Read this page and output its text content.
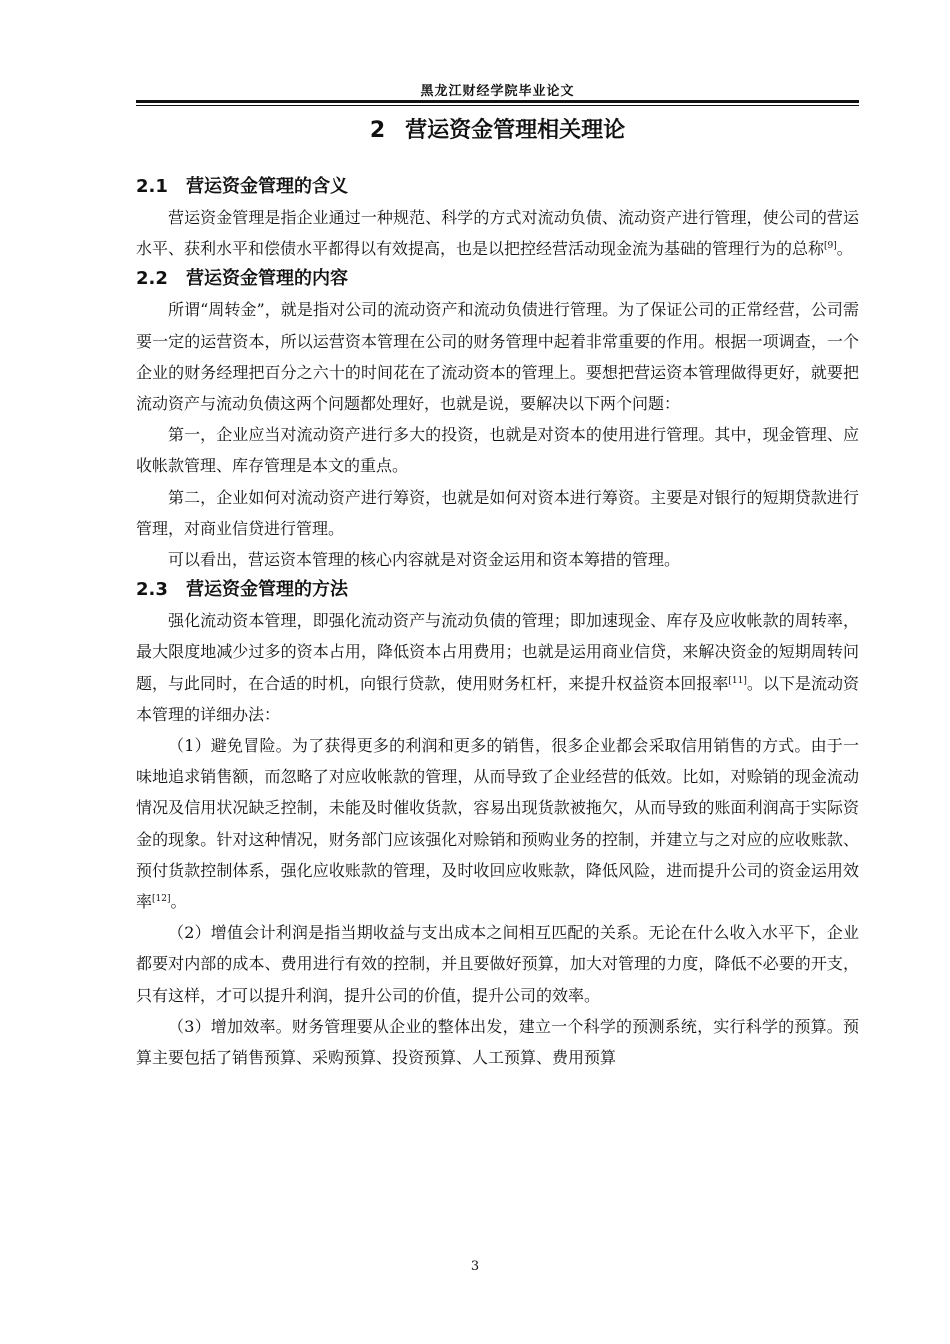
黑龙江财经学院毕业论文
2 营运资金管理相关理论
2.1 营运资金管理的含义

营运资金管理是指企业通过一种规范、科学的方式对流动负债、流动资产进行管理，使公司的营运水平、获利水平和偿债水平都得以有效提高，也是以把控经营活动现金流为基础的管理行为的总称[9]。

2.2 营运资金管理的内容

所谓“周转金”，就是指对公司的流动资产和流动负债进行管理。为了保证公司的正常经营，公司需要一定的运营资本，所以运营资本管理在公司的财务管理中起着非常重要的作用。根据一项调查，一个企业的财务经理把百分之六十的时间花在了流动资本的管理上。要想把营运资本管理做得更好，就要把流动资产与流动负债这两个问题都处理好，也就是说，要解决以下两个问题：

第一，企业应当对流动资产进行多大的投资，也就是对资本的使用进行管理。其中，现金管理、应收帐款管理、库存管理是本文的重点。

第二，企业如何对流动资产进行筹资，也就是如何对资本进行筹资。主要是对银行的短期贷款进行管理，对商业信贷进行管理。

可以看出，营运资本管理的核心内容就是对资金运用和资本筹措的管理。

2.3 营运资金管理的方法

强化流动资本管理，即强化流动资产与流动负债的管理；即加速现金、库存及应收帐款的周转率，最大限度地减少过多的资本占用，降低资本占用费用；也就是运用商业信贷，来解决资金的短期周转问题，与此同时，在合适的时机，向银行贷款，使用财务杠杆，来提升权益资本回报率[11]。以下是流动资本管理的详细办法：

（1）避免冒险。为了获得更多的利润和更多的销售，很多企业都会采取信用销售的方式。由于一味地追求销售额，而忽略了对应收帐款的管理，从而导致了企业经营的低效。比如，对赊销的现金流动情况及信用状况缺乏控制，未能及时催收货款，容易出现货款被拖欠，从而导致的账面利润高于实际资金的现象。针对这种情况，财务部门应该强化对赊销和预购业务的控制，并建立与之对应的应收账款、预付货款控制体系，强化应收账款的管理，及时收回应收账款，降低风险，进而提升公司的资金运用效率[12]。

（2）增值会计利润是指当期收益与支出成本之间相互匹配的关系。无论在什么收入水平下，企业都要对内部的成本、费用进行有效的控制，并且要做好预算，加大对管理的力度，降低不必要的开支，只有这样，才可以提升利润，提升公司的价值，提升公司的效率。

（3）增加效率。财务管理要从企业的整体出发，建立一个科学的预测系统，实行科学的预算。预算主要包括了销售预算、采购预算、投资预算、人工预算、费用预算

3
